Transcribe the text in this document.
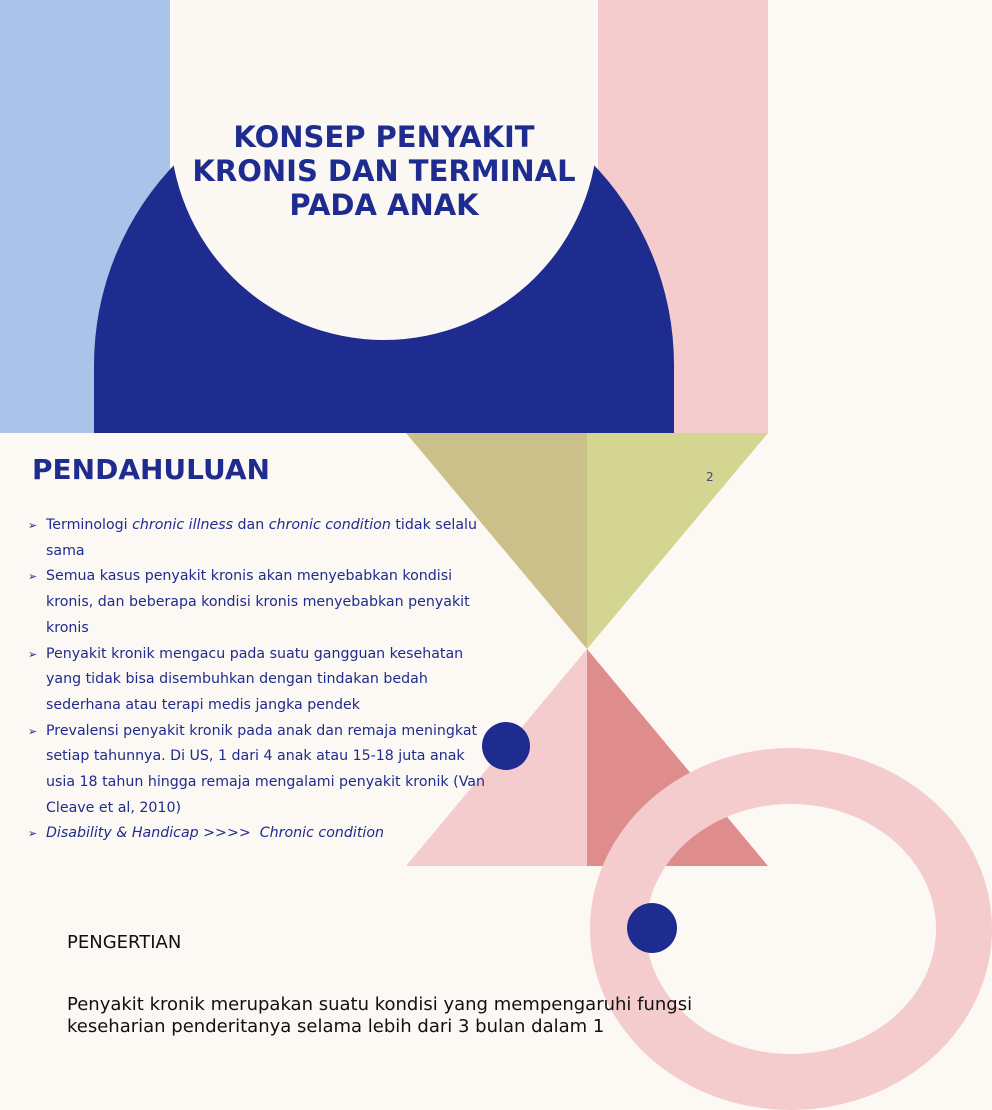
KONSEP PENYAKIT
KRONIS DAN TERMINAL
PADA ANAK
PENDAHULUAN	2
➢ Terminologi chronic illness dan chronic condition tidak selalu sama
➢ Semua kasus penyakit kronis akan menyebabkan kondisi kronis, dan beberapa kondisi kronis menyebabkan penyakit kronis
➢ Penyakit kronik mengacu pada suatu gangguan kesehatan yang tidak bisa disembuhkan dengan tindakan bedah sederhana atau terapi medis jangka pendek
➢ Prevalensi penyakit kronik pada anak dan remaja meningkat setiap tahunnya. Di US, 1 dari 4 anak atau 15-18 juta anak usia 18 tahun hingga remaja mengalami penyakit kronik (Van Cleave et al, 2010)
➢ Disability & Handicap >>>>  Chronic condition
PENGERTIAN

Penyakit kronik merupakan suatu kondisi yang mempengaruhi fungsi keseharian penderitanya selama lebih dari 3 bulan dalam 1
